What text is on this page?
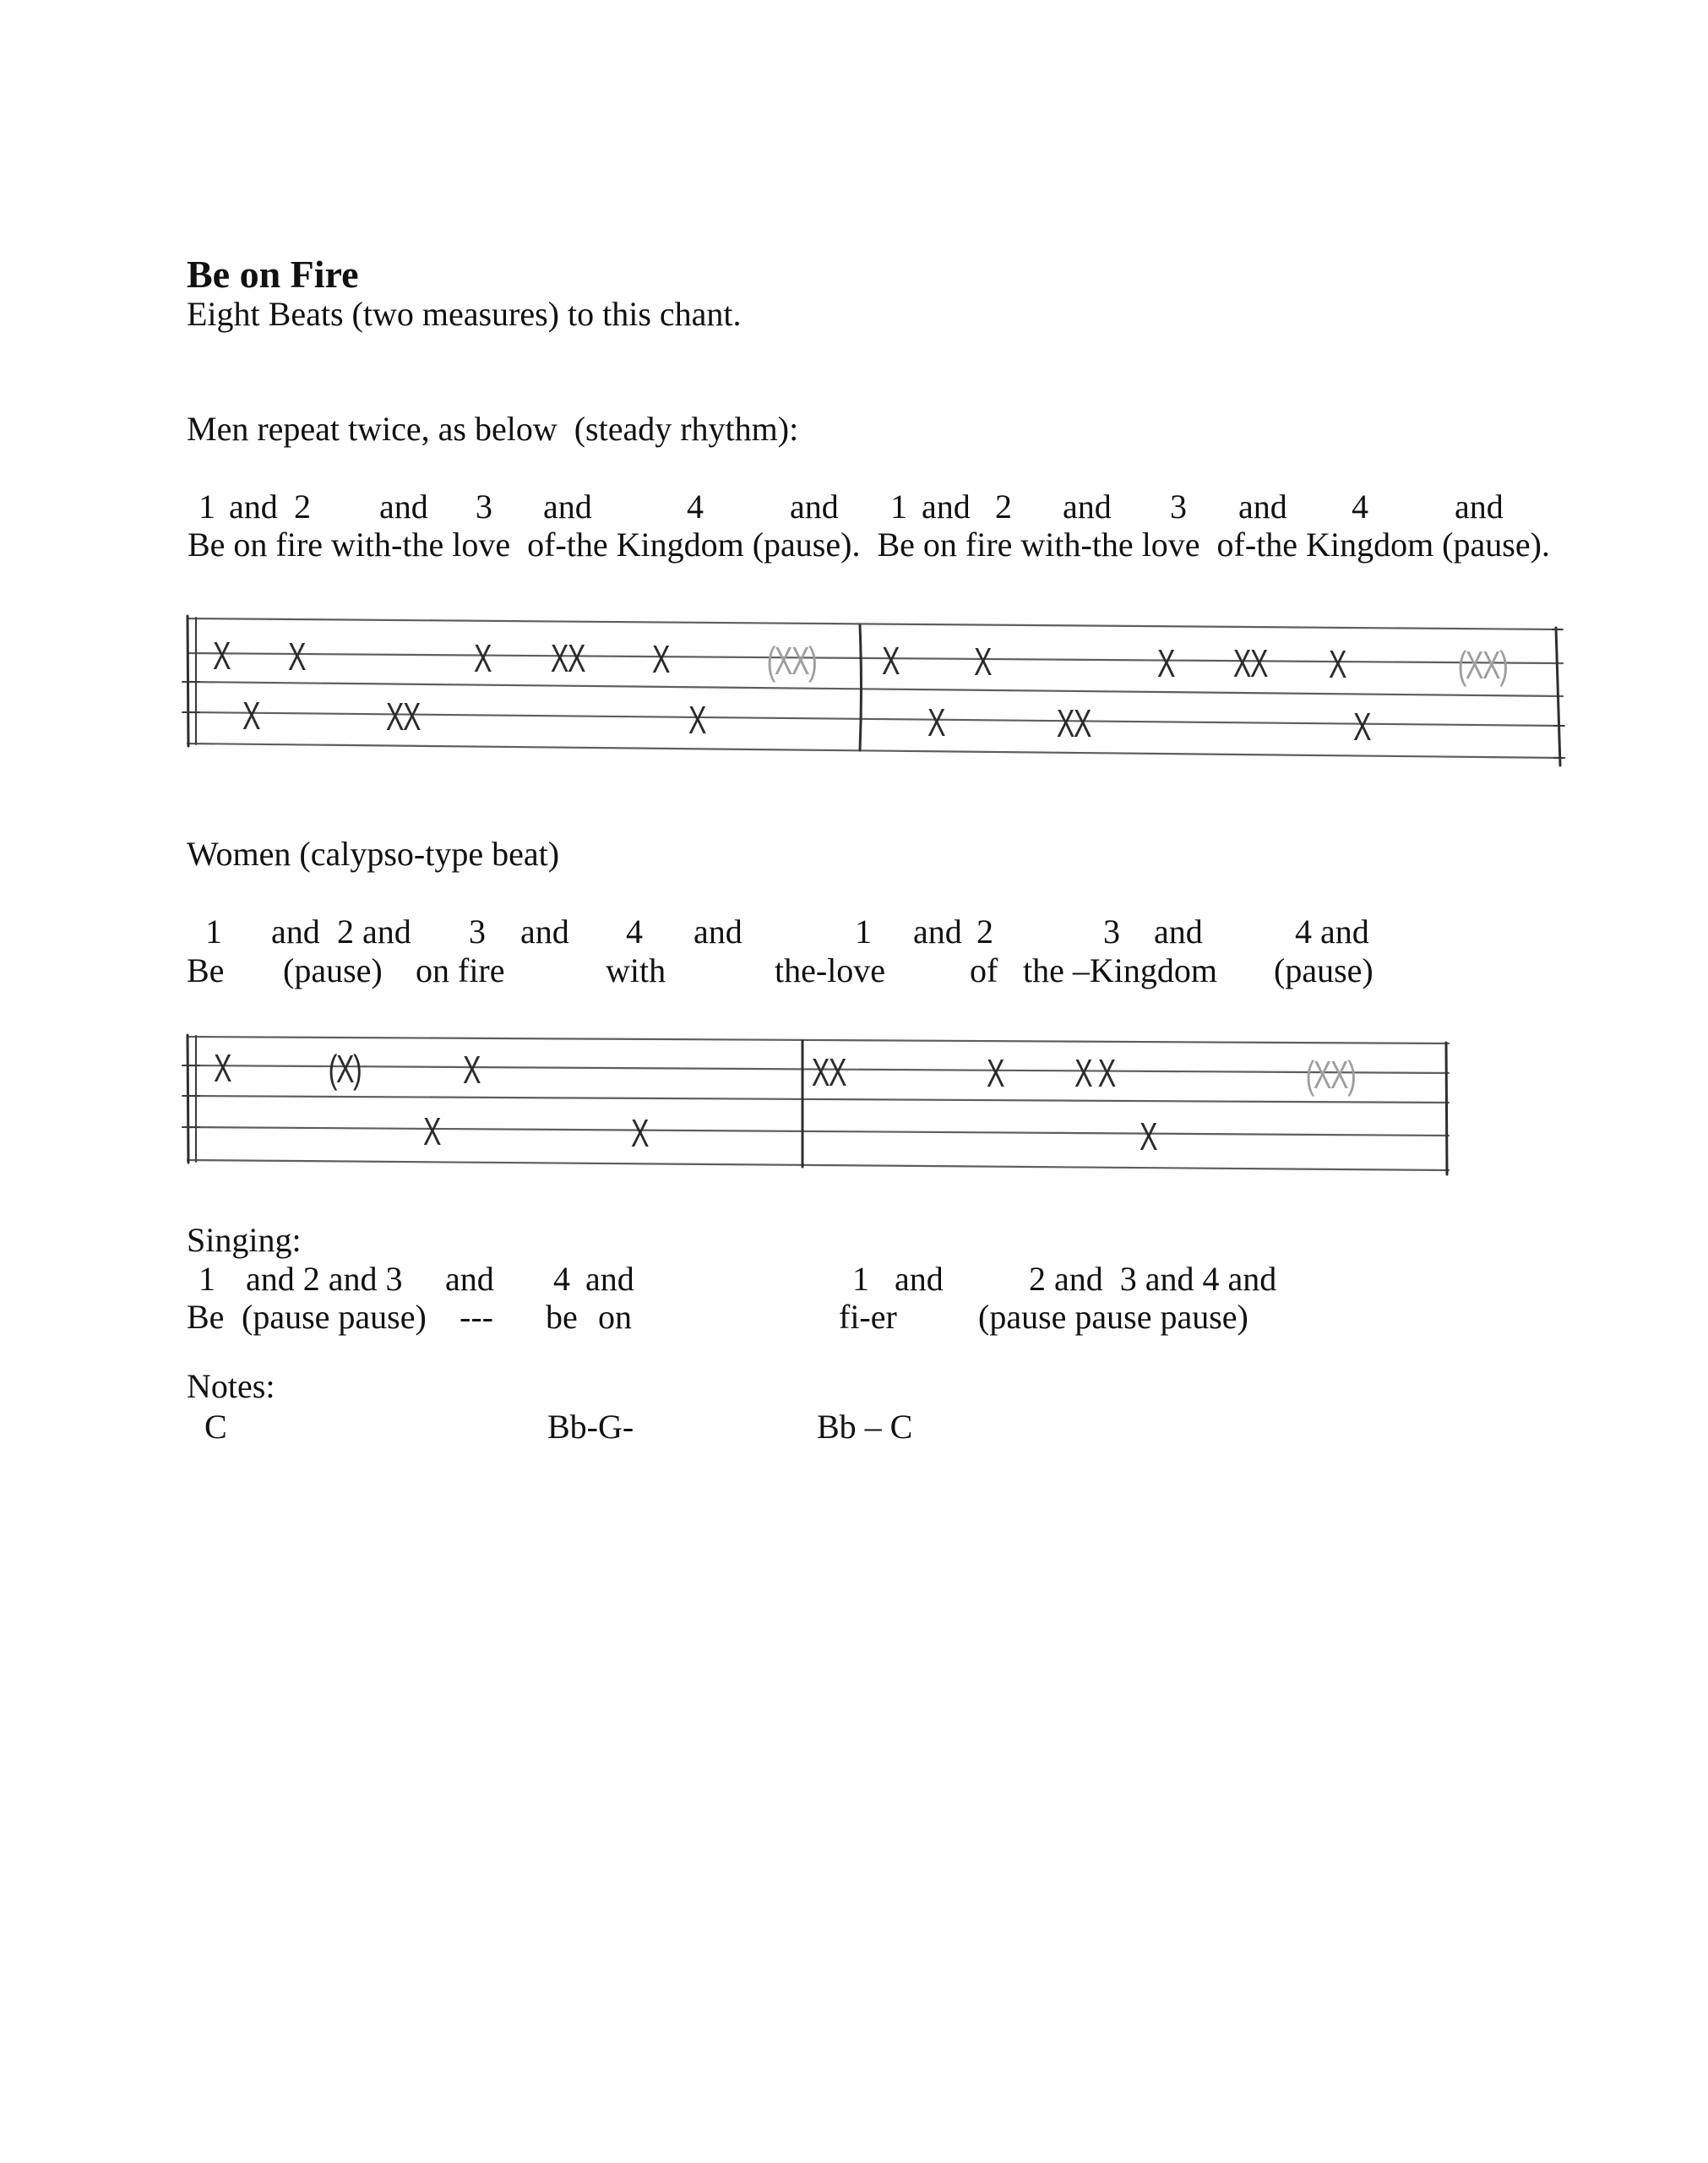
Be on Fire
Eight Beats (two measures) to this chant.
Men repeat twice, as below  (steady rhythm):
1 and 2 and 3 and	4	and 1 and 2 and 3 and 4	and
Be on fire with-the love  of-the Kingdom (pause).  Be on fire with-the love  of-the Kingdom (pause).
X X	X XX X	(XX) X X	X XX X	(XX)
X	XX	X	X	XX	X
Women (calypso-type beat)
1 and 2 and 3 and 4 and	1 and 2	3 and	4 and
Be (pause) on fire	with	the-love of the –Kingdom (pause)
X	(X)	X	XX	X X X	(XX)
X	X	X
Singing:
1 and 2 and 3 and 4 and	1 and	2 and  3 and 4 and
Be (pause pause) --- be on	fi-er (pause pause pause)
Notes:
C	Bb-G-	Bb – C
